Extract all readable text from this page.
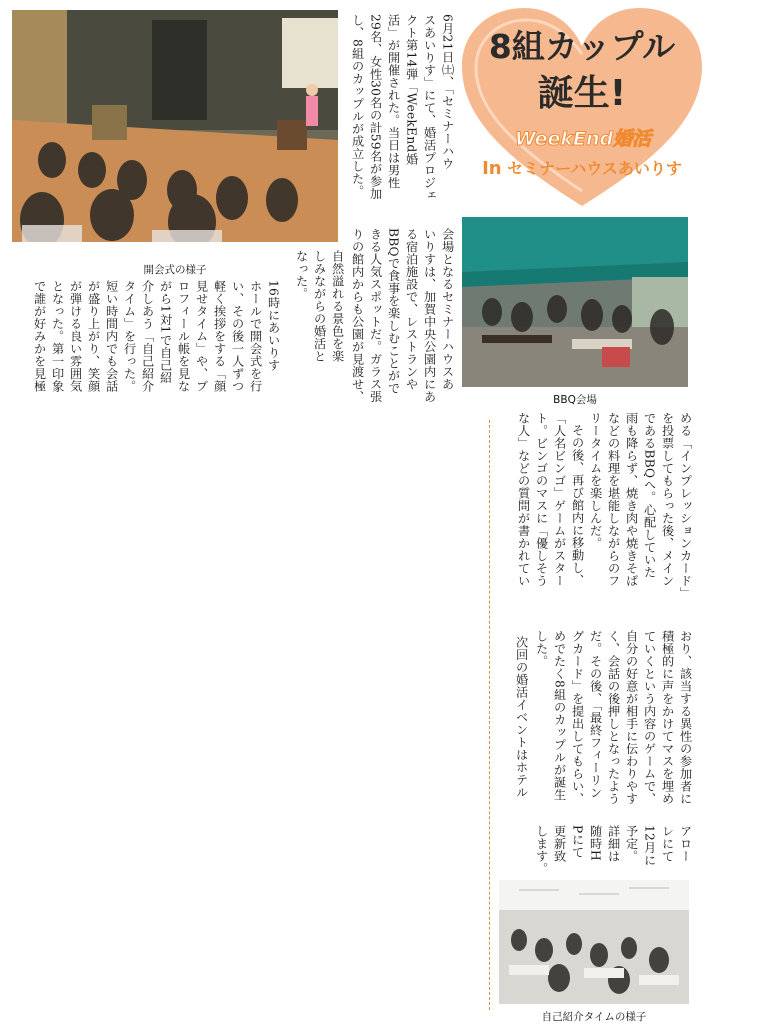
開会式の様子
8組カップル
誕生!
WeekEnd婚活
In セミナーハウスあいりす
BBQ会場
自己紹介タイムの様子
6月21日㈯、「セミナーハウ
スあいりす」にて、婚活プロジェ
クト第14弾「WeekEnd婚
活」が開催された。当日は男性
29名、女性30名の計59名が参加
し、8組のカップルが成立した。
会場となるセミナーハウスあ
いりすは、加賀中央公園内にあ
る宿泊施設で、レストランや
BBQで食事を楽しむことがで
きる人気スポットだ。ガラス張
りの館内からも公園が見渡せ、
自然溢れる景色を楽
しみながらの婚活と
なった。
16時にあいりす
ホールで開会式を行
い、その後一人ずつ
軽く挨拶をする「顔
見せタイム」や、プ
ロフィール帳を見な
がら1対1で自己紹
介しあう「自己紹介
タイム」を行った。
短い時間内でも会話
が盛り上がり、笑顔
が弾ける良い雰囲気
となった。第一印象
で誰が好みかを見極
める「インプレッションカード」
を投票してもらった後、メイン
であるBBQへ。心配していた
雨も降らず、焼き肉や焼きそば
などの料理を堪能しながらのフ
リータイムを楽しんだ。
その後、再び館内に移動し、
「人名ビンゴ」ゲームがスター
ト。ビンゴのマスに「優しそう
な人」などの質問が書かれてい
おり、該当する異性の参加者に
積極的に声をかけてマスを埋め
ていくという内容のゲームで、
自分の好意が相手に伝わりやす
く、会話の後押しとなったよう
だ。その後、「最終フィーリン
グカード」を提出してもらい、
めでたく8組のカップルが誕生
した。
次回の婚活イベントはホテル
アロー
レにて
12月に
予定。
詳細は
随時H
Pにて
更新致
します。
